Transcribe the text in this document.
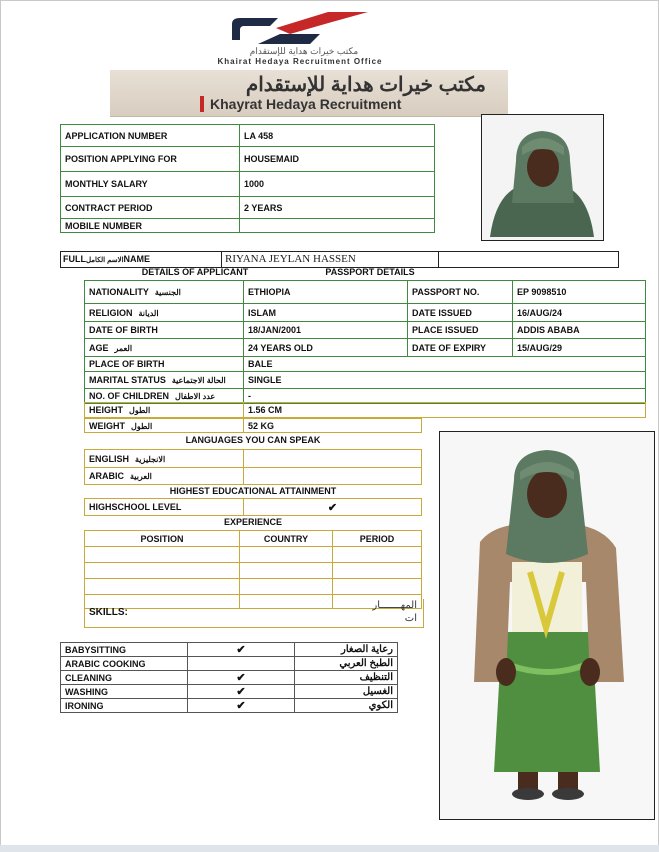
مكتب خيرات هداية للإستقدام
Khairat Hedaya Recruitment Office
مكتب خيرات هداية للإستقدام
Khayrat Hedaya Recruitment
APPLICATION NUMBER	LA 458
POSITION APPLYING FOR	HOUSEMAID
MONTHLY SALARY	1000
CONTRACT PERIOD	2 YEARS
MOBILE NUMBER	
FULLالاسم الكاملNAME	RIYANA JEYLAN HASSEN
DETAILS OF APPLICANT	PASSPORT DETAILS
NATIONALITY الجنسية	ETHIOPIA	PASSPORT NO.	EP 9098510
RELIGION الديانة	ISLAM	DATE ISSUED	16/AUG/24
DATE OF BIRTH	18/JAN/2001	PLACE ISSUED	ADDIS ABABA
AGE العمر	24 YEARS OLD	DATE OF EXPIRY	15/AUG/29
PLACE OF BIRTH	BALE		
MARITAL STATUS الحالة الاجتماعية	SINGLE		
NO. OF CHILDREN عدد الاطفال	-		
HEIGHT الطول	1.56 CM
WEIGHT الطول	52 KG
LANGUAGES YOU CAN SPEAK
ENGLISH الانجليزية	
ARABIC العربية	
HIGHEST EDUCATIONAL ATTAINMENT
HIGHSCHOOL LEVEL	✔
EXPERIENCE
POSITION	COUNTRY	PERIOD

SKILLS:
المهـــــــار
ات
BABYSITTING	✔	رعاية الصغار
ARABIC COOKING		الطبخ العربي
CLEANING	✔	التنظيف
WASHING	✔	الغسيل
IRONING	✔	الكوي
